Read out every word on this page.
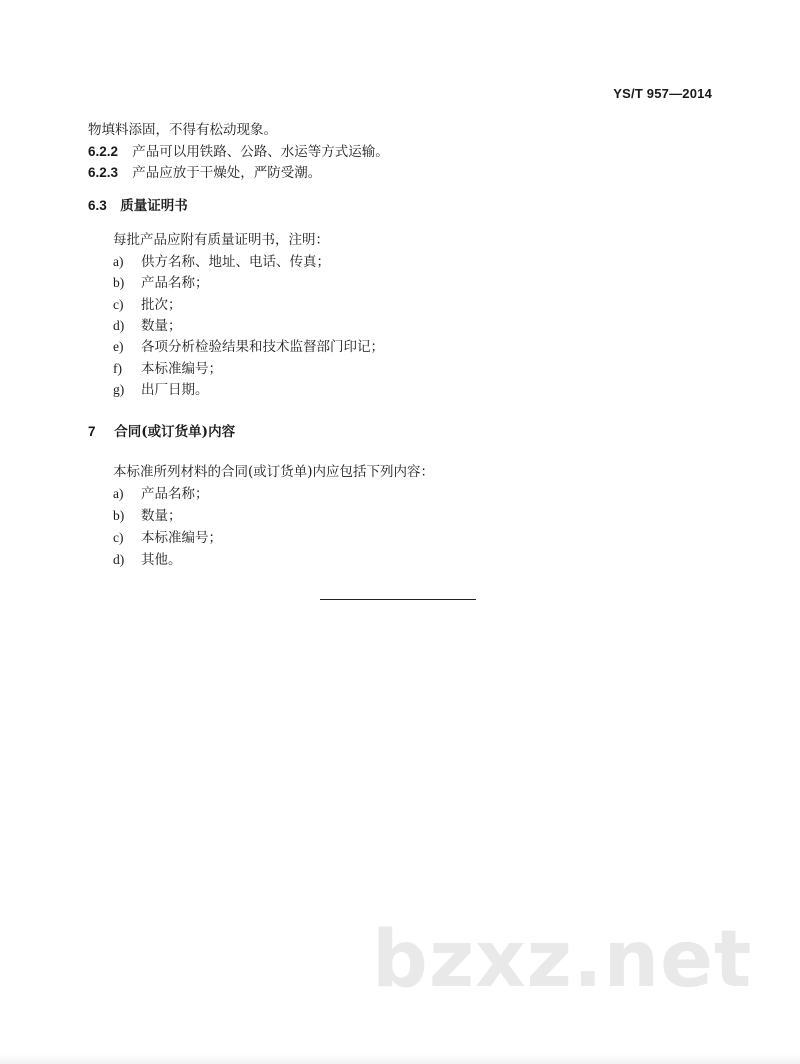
YS/T 957—2014
物填料添固，不得有松动现象。
6.2.2 产品可以用铁路、公路、水运等方式运输。
6.2.3 产品应放于干燥处，严防受潮。
6.3 质量证明书
每批产品应附有质量证明书，注明：
a) 供方名称、地址、电话、传真；
b) 产品名称；
c) 批次；
d) 数量；
e) 各项分析检验结果和技术监督部门印记；
f) 本标准编号；
g) 出厂日期。
7 合同(或订货单)内容
本标准所列材料的合同(或订货单)内应包括下列内容：
a) 产品名称；
b) 数量；
c) 本标准编号；
d) 其他。
bzxz.net
